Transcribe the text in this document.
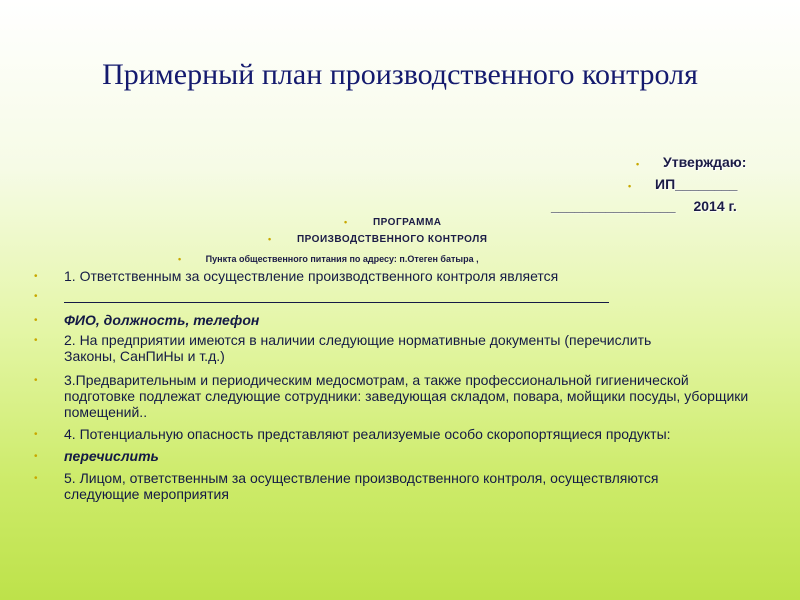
Примерный план производственного контроля
• Утверждаю:
• ИП________
________________ 2014 г.
•	ПРОГРАММА
•	ПРОИЗВОДСТВЕННОГО КОНТРОЛЯ
•	Пункта общественного питания по адресу: п.Отеген батыра ,
• 1. Ответственным за осуществление производственного контроля является
•
• ФИО, должность, телефон
• 2. На предприятии имеются в наличии следующие нормативные документы (перечислить Законы, СанПиНы и т.д.)
• 3.Предварительным и периодическим медосмотрам, а также профессиональной гигиенической подготовке подлежат следующие сотрудники: заведующая складом, повара, мойщики посуды, уборщики помещений..
• 4. Потенциальную опасность представляют реализуемые особо скоропортящиеся продукты:
• перечислить
• 5. Лицом, ответственным за осуществление производственного контроля, осуществляются следующие мероприятия
